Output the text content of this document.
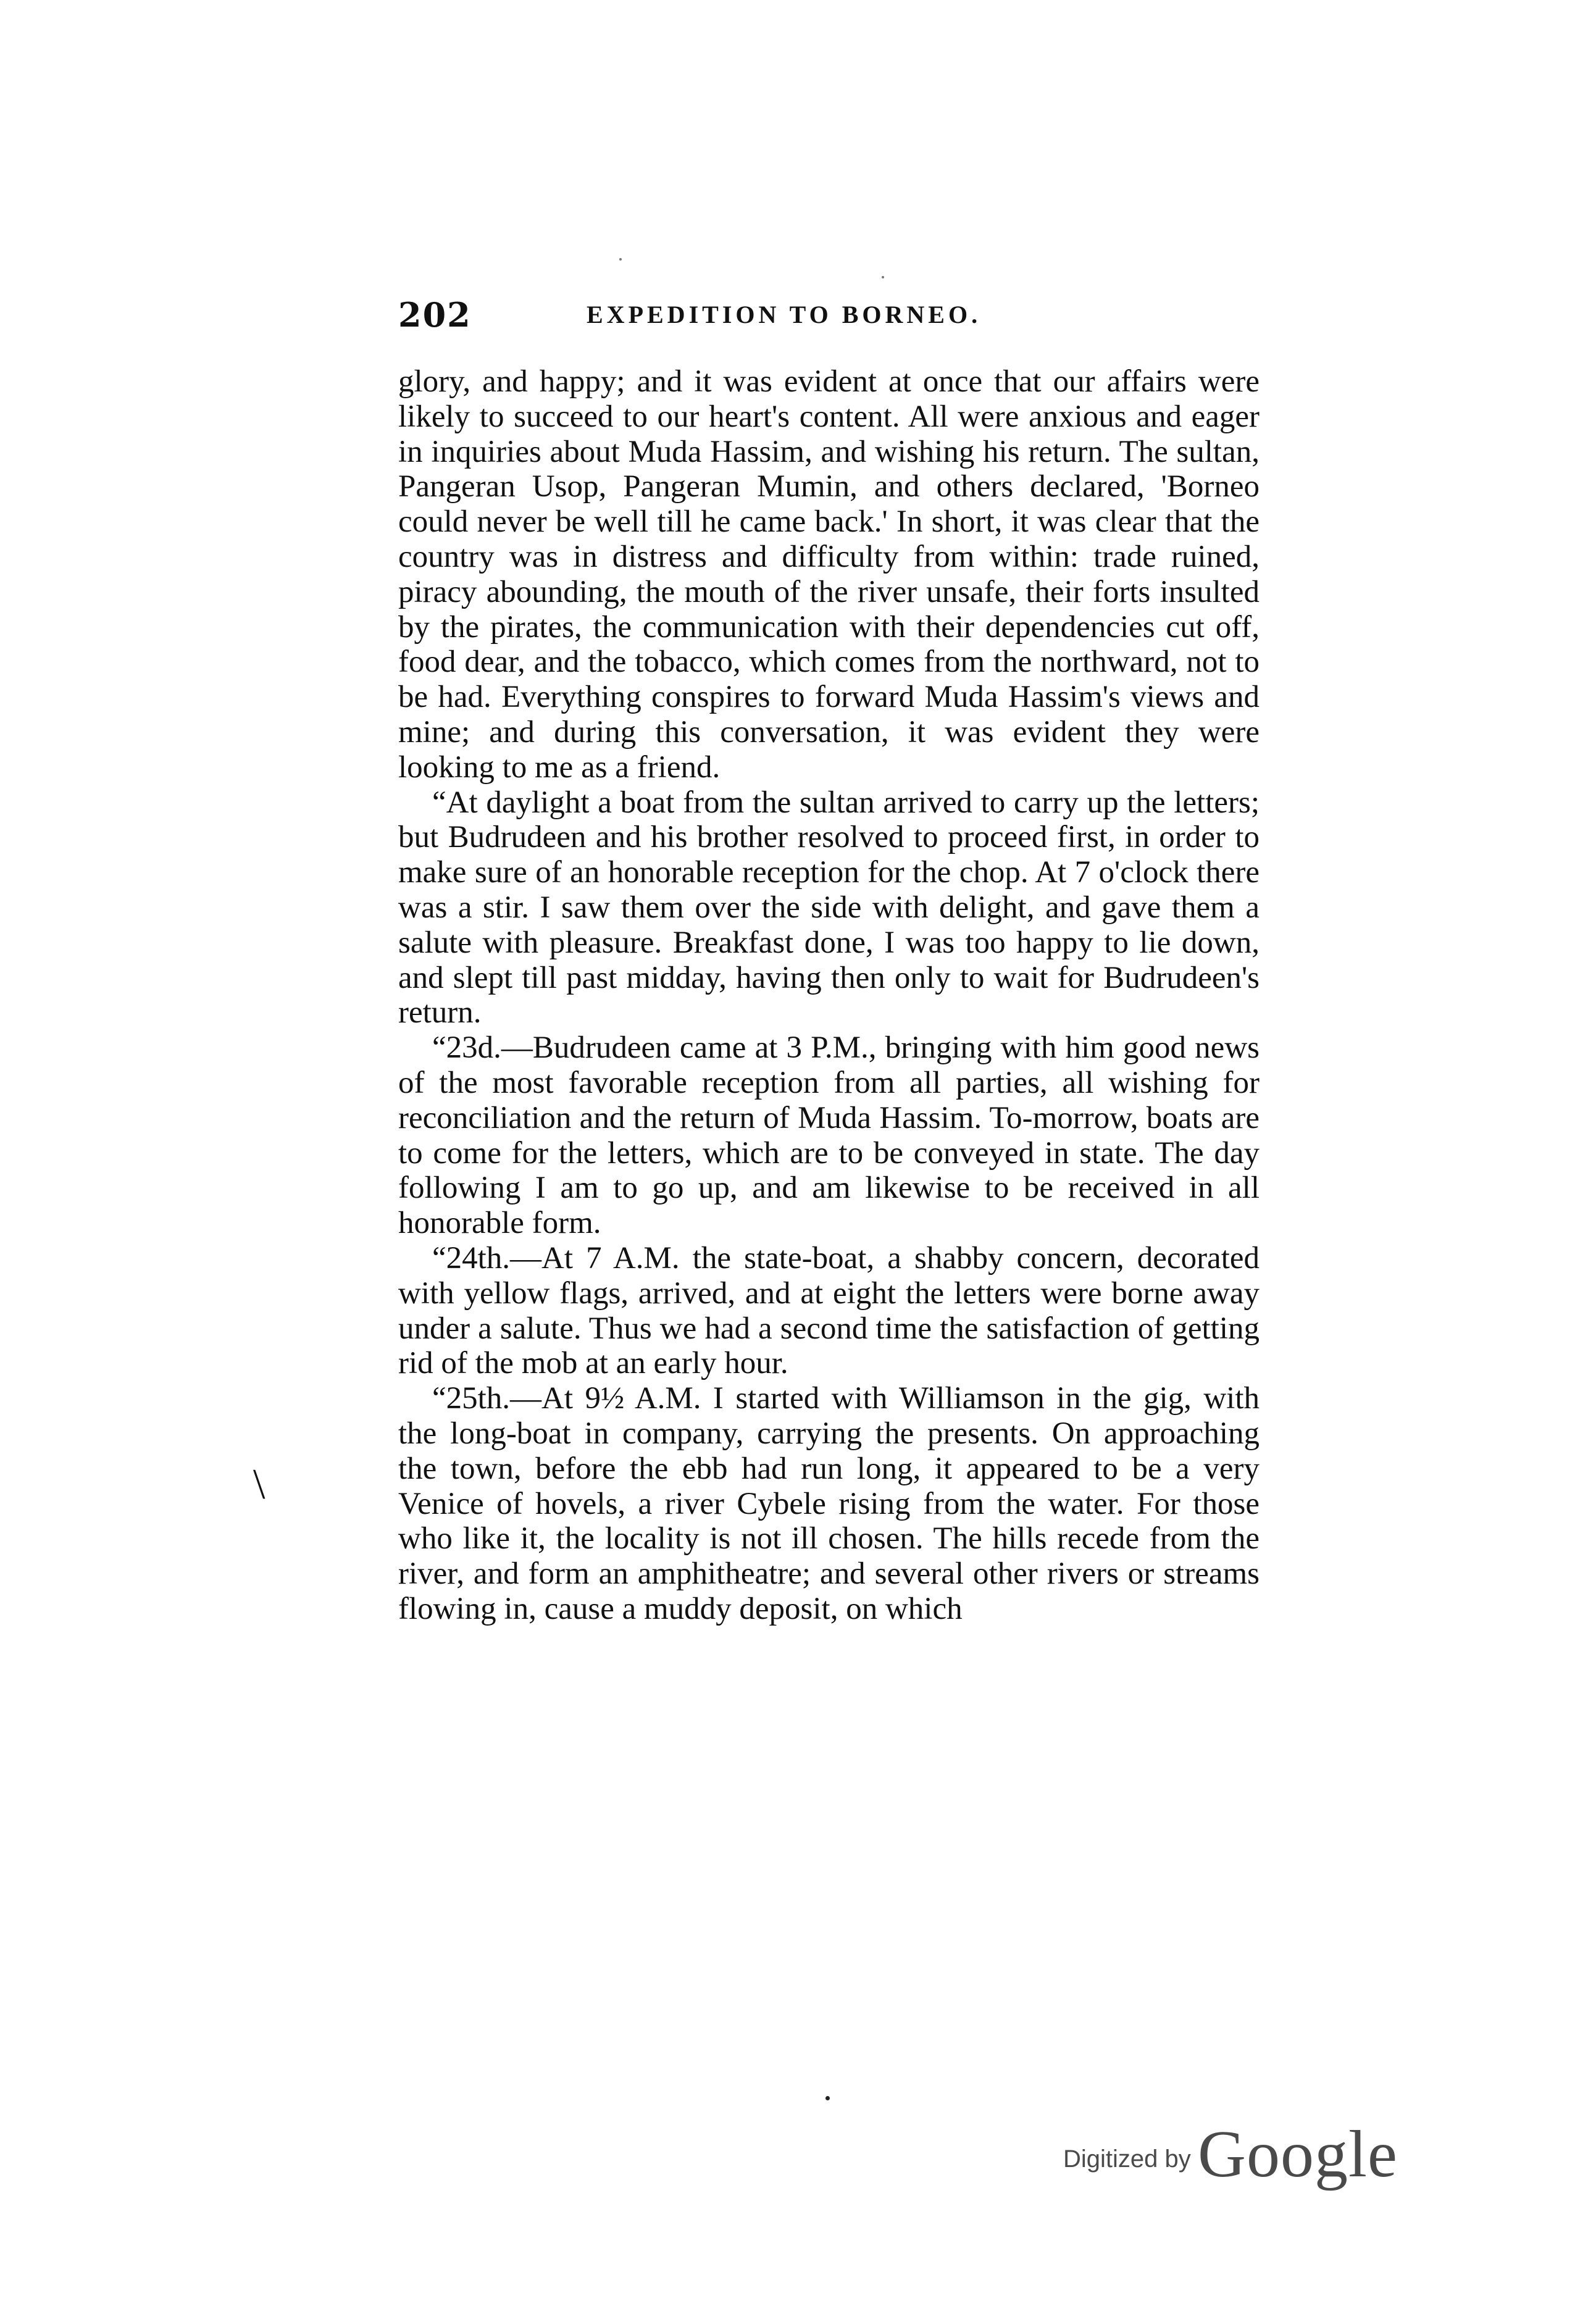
202	EXPEDITION TO BORNEO.

glory, and happy; and it was evident at once that our affairs were likely to succeed to our heart's content. All were anxious and eager in inquiries about Muda Hassim, and wishing his return. The sultan, Pangeran Usop, Pangeran Mumin, and others declared, 'Borneo could never be well till he came back.' In short, it was clear that the country was in distress and difficulty from within: trade ruined, piracy abounding, the mouth of the river unsafe, their forts insulted by the pirates, the communication with their dependencies cut off, food dear, and the tobacco, which comes from the northward, not to be had. Everything conspires to forward Muda Hassim's views and mine; and during this conversation, it was evident they were looking to me as a friend.

“At daylight a boat from the sultan arrived to carry up the letters; but Budrudeen and his brother resolved to proceed first, in order to make sure of an honorable reception for the chop. At 7 o'clock there was a stir. I saw them over the side with delight, and gave them a salute with pleasure. Breakfast done, I was too happy to lie down, and slept till past midday, having then only to wait for Budrudeen's return.

“23d.—Budrudeen came at 3 P.M., bringing with him good news of the most favorable reception from all parties, all wishing for reconciliation and the return of Muda Hassim. To-morrow, boats are to come for the letters, which are to be conveyed in state. The day following I am to go up, and am likewise to be received in all honorable form.

“24th.—At 7 A.M. the state-boat, a shabby concern, decorated with yellow flags, arrived, and at eight the letters were borne away under a salute. Thus we had a second time the satisfaction of getting rid of the mob at an early hour.

“25th.—At 9½ A.M. I started with Williamson in the gig, with the long-boat in company, carrying the presents. On approaching the town, before the ebb had run long, it appeared to be a very Venice of hovels, a river Cybele rising from the water. For those who like it, the locality is not ill chosen. The hills recede from the river, and form an amphitheatre; and several other rivers or streams flowing in, cause a muddy deposit, on which

\
Digitized by Google
